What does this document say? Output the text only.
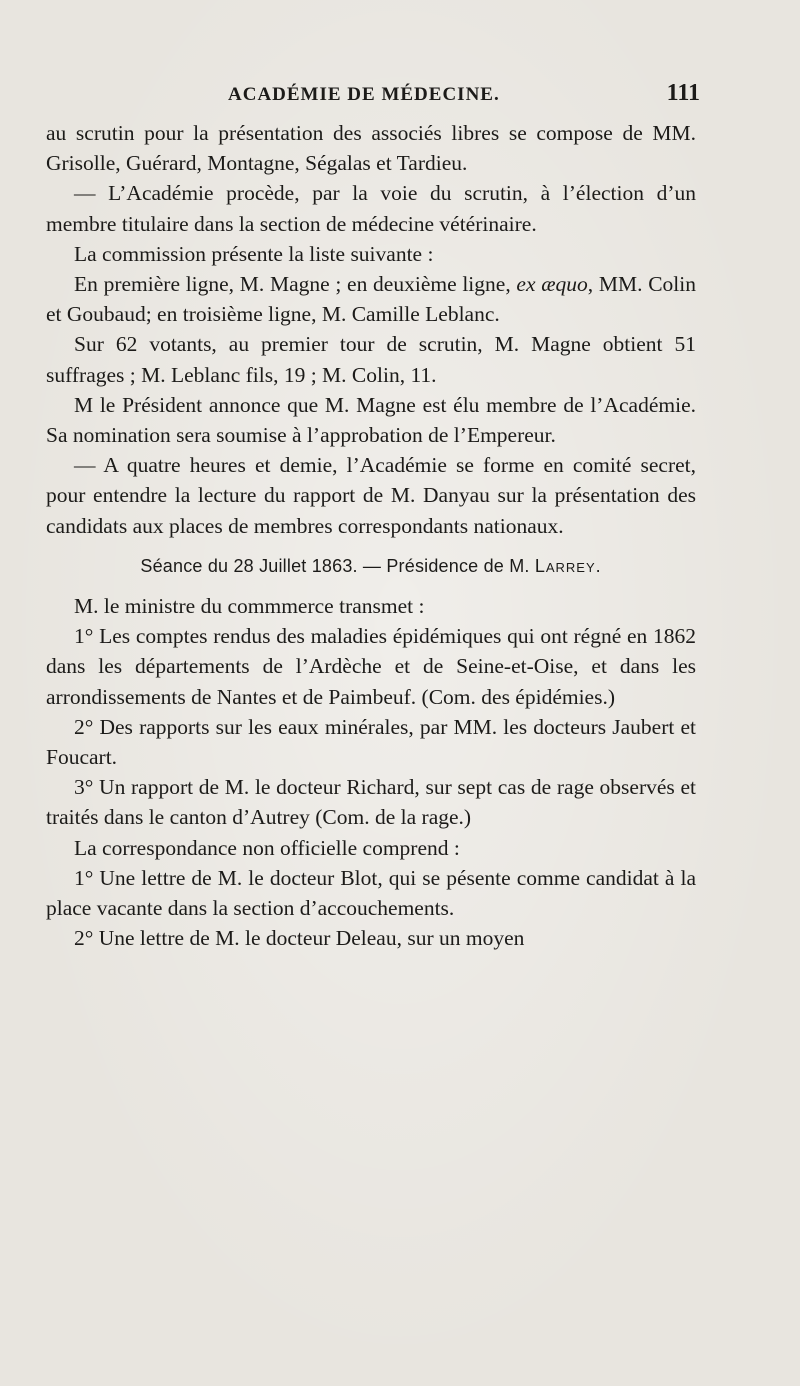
ACADÉMIE DE MÉDECINE.	111

au scrutin pour la présentation des associés libres se compose de MM. Grisolle, Guérard, Montagne, Ségalas et Tardieu.

— L’Académie procède, par la voie du scrutin, à l’élection d’un membre titulaire dans la section de médecine vétérinaire.

La commission présente la liste suivante :

En première ligne, M. Magne ; en deuxième ligne, ex æquo, MM. Colin et Goubaud; en troisième ligne, M. Camille Leblanc.

Sur 62 votants, au premier tour de scrutin, M. Magne obtient 51 suffrages ; M. Leblanc fils, 19 ; M. Colin, 11.

M le Président annonce que M. Magne est élu membre de l’Académie. Sa nomination sera soumise à l’approbation de l’Empereur.

— A quatre heures et demie, l’Académie se forme en comité secret, pour entendre la lecture du rapport de M. Danyau sur la présentation des candidats aux places de membres correspondants nationaux.

Séance du 28 Juillet 1863. — Présidence de M. Larrey.

M. le ministre du commmerce transmet :

1° Les comptes rendus des maladies épidémiques qui ont régné en 1862 dans les départements de l’Ardèche et de Seine-et-Oise, et dans les arrondissements de Nantes et de Paimbeuf. (Com. des épidémies.)

2° Des rapports sur les eaux minérales, par MM. les docteurs Jaubert et Foucart.

3° Un rapport de M. le docteur Richard, sur sept cas de rage observés et traités dans le canton d’Autrey (Com. de la rage.)

La correspondance non officielle comprend :

1° Une lettre de M. le docteur Blot, qui se pésente comme candidat à la place vacante dans la section d’accouchements.

2° Une lettre de M. le docteur Deleau, sur un moyen
